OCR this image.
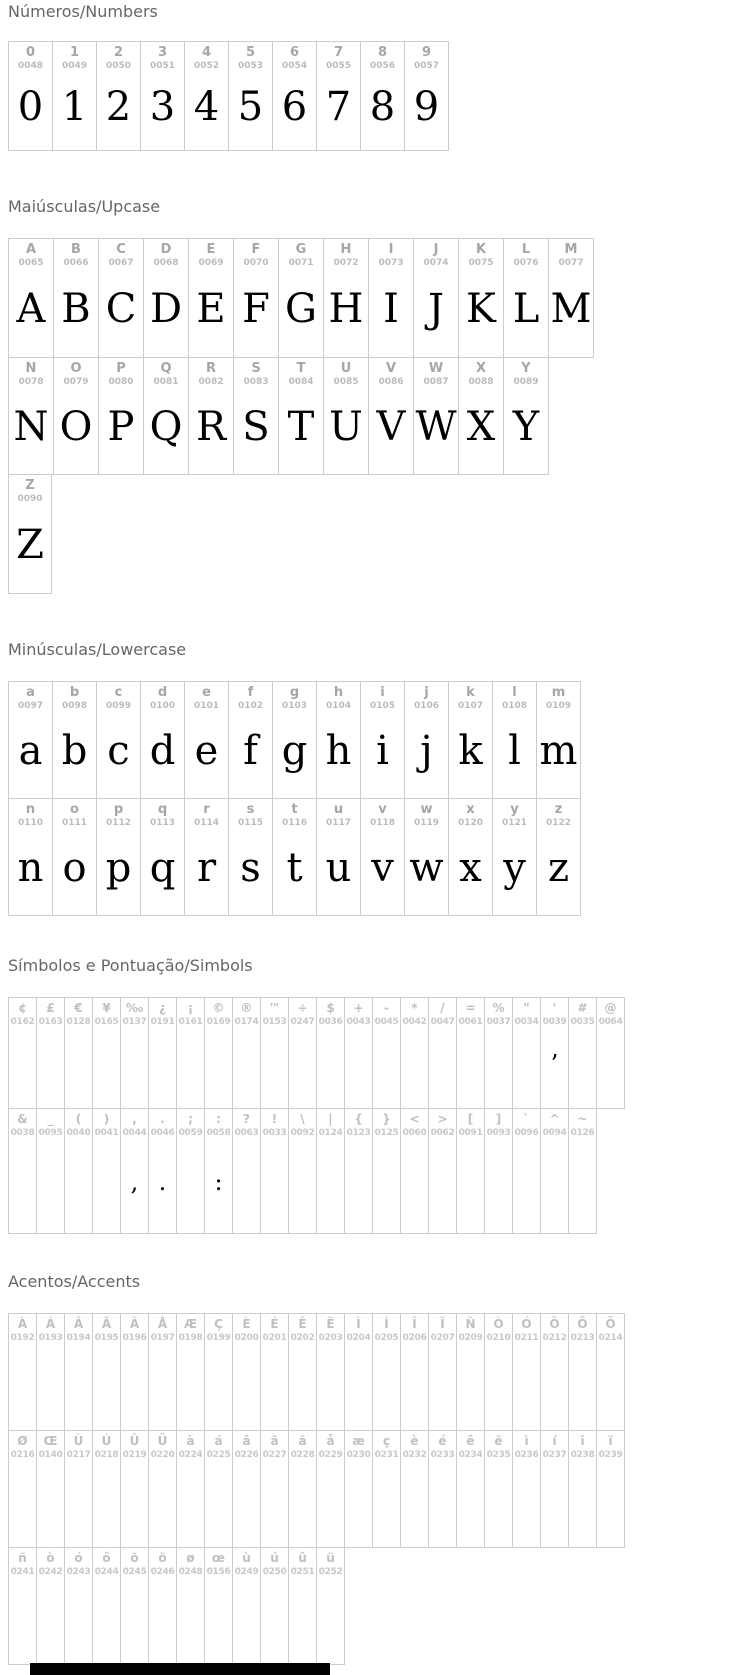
Números/Numbers
0
0048
0
1
0049
1
2
0050
2
3
0051
3
4
0052
4
5
0053
5
6
0054
6
7
0055
7
8
0056
8
9
0057
9
Maiúsculas/Upcase
A
0065
A
B
0066
B
C
0067
C
D
0068
D
E
0069
E
F
0070
F
G
0071
G
H
0072
H
I
0073
I
J
0074
J
K
0075
K
L
0076
L
M
0077
M
N
0078
N
O
0079
O
P
0080
P
Q
0081
Q
R
0082
R
S
0083
S
T
0084
T
U
0085
U
V
0086
V
W
0087
W
X
0088
X
Y
0089
Y
Z
0090
Z
Minúsculas/Lowercase
a
0097
a
b
0098
b
c
0099
c
d
0100
d
e
0101
e
f
0102
f
g
0103
g
h
0104
h
i
0105
i
j
0106
j
k
0107
k
l
0108
l
m
0109
m
n
0110
n
o
0111
o
p
0112
p
q
0113
q
r
0114
r
s
0115
s
t
0116
t
u
0117
u
v
0118
v
w
0119
w
x
0120
x
y
0121
y
z
0122
z
Símbolos e Pontuação/Simbols
¢
0162
£
0163
€
0128
¥
0165
‰
0137
¿
0191
¡
0161
©
0169
®
0174
™
0153
÷
0247
$
0036
+
0043
-
0045
*
0042
/
0047
=
0061
%
0037
"
0034
'
0039
’
#
0035
@
0064
&
0038
_
0095
(
0040
)
0041
,
0044
,
.
0046
.
;
0059
:
0058
:
?
0063
!
0033
\
0092
|
0124
{
0123
}
0125
<
0060
>
0062
[
0091
]
0093
`
0096
^
0094
~
0126
Acentos/Accents
À
0192
Á
0193
Â
0194
Ã
0195
Ä
0196
Å
0197
Æ
0198
Ç
0199
È
0200
É
0201
Ê
0202
Ë
0203
Ì
0204
Í
0205
Î
0206
Ï
0207
Ñ
0209
Ò
0210
Ó
0211
Ô
0212
Õ
0213
Ö
0214
Ø
0216
Œ
0140
Ù
0217
Ú
0218
Û
0219
Ü
0220
à
0224
á
0225
â
0226
ã
0227
ä
0228
å
0229
æ
0230
ç
0231
è
0232
é
0233
ê
0234
ë
0235
ì
0236
í
0237
î
0238
ï
0239
ñ
0241
ò
0242
ó
0243
ô
0244
õ
0245
ö
0246
ø
0248
œ
0156
ù
0249
ú
0250
û
0251
ü
0252
